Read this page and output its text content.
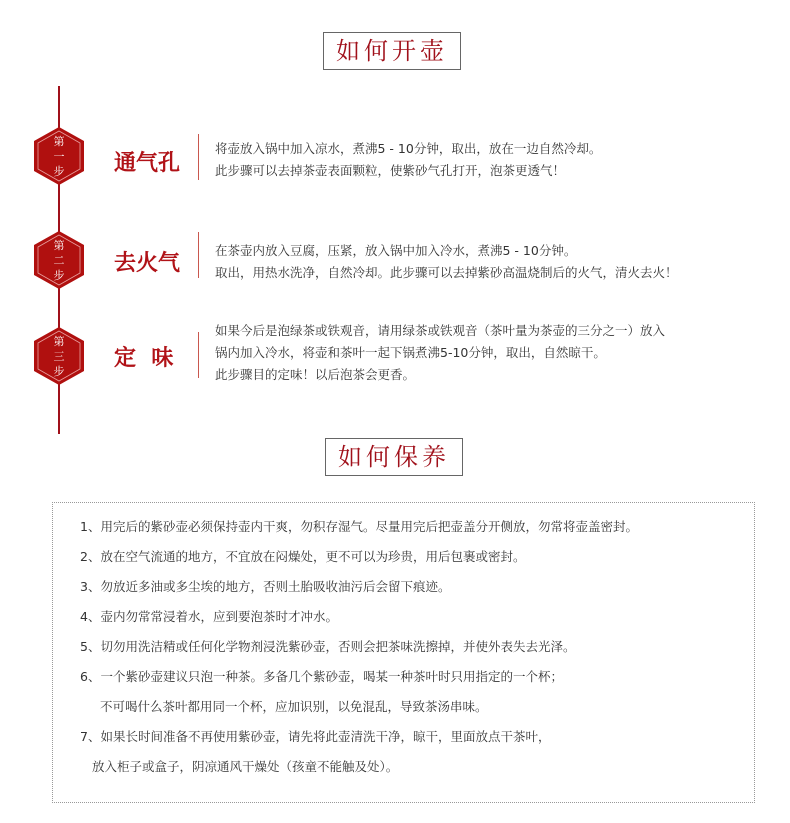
如何开壶
第
一
步	通气孔
将壶放入锅中加入凉水，煮沸5 - 10分钟，取出，放在一边自然冷却。
此步骤可以去掉茶壶表面颗粒，使紫砂气孔打开，泡茶更透气！
第
二
步	去火气
在茶壶内放入豆腐，压紧，放入锅中加入冷水，煮沸5 - 10分钟。
取出，用热水洗净，自然冷却。此步骤可以去掉紫砂高温烧制后的火气，清火去火！
第
三
步
定  味
如果今后是泡绿茶或铁观音，请用绿茶或铁观音（茶叶量为茶壶的三分之一）放入
锅内加入冷水，将壶和茶叶一起下锅煮沸5-10分钟，取出，自然晾干。
此步骤目的定味！以后泡茶会更香。
如何保养
1、用完后的紫砂壶必须保持壶内干爽，勿积存湿气。尽量用完后把壶盖分开侧放，勿常将壶盖密封。
2、放在空气流通的地方，不宜放在闷燥处，更不可以为珍贵，用后包裹或密封。
3、勿放近多油或多尘埃的地方，否则土胎吸收油污后会留下痕迹。
4、壶内勿常常浸着水，应到要泡茶时才冲水。
5、切勿用洗洁精或任何化学物剂浸洗紫砂壶，否则会把茶味洗擦掉，并使外表失去光泽。
6、一个紫砂壶建议只泡一种茶。多备几个紫砂壶，喝某一种茶叶时只用指定的一个杯；
不可喝什么茶叶都用同一个杯，应加识别，以免混乱，导致茶汤串味。
7、如果长时间准备不再使用紫砂壶，请先将此壶清洗干净，晾干，里面放点干茶叶，
放入柜子或盒子，阴凉通风干燥处（孩童不能触及处）。
